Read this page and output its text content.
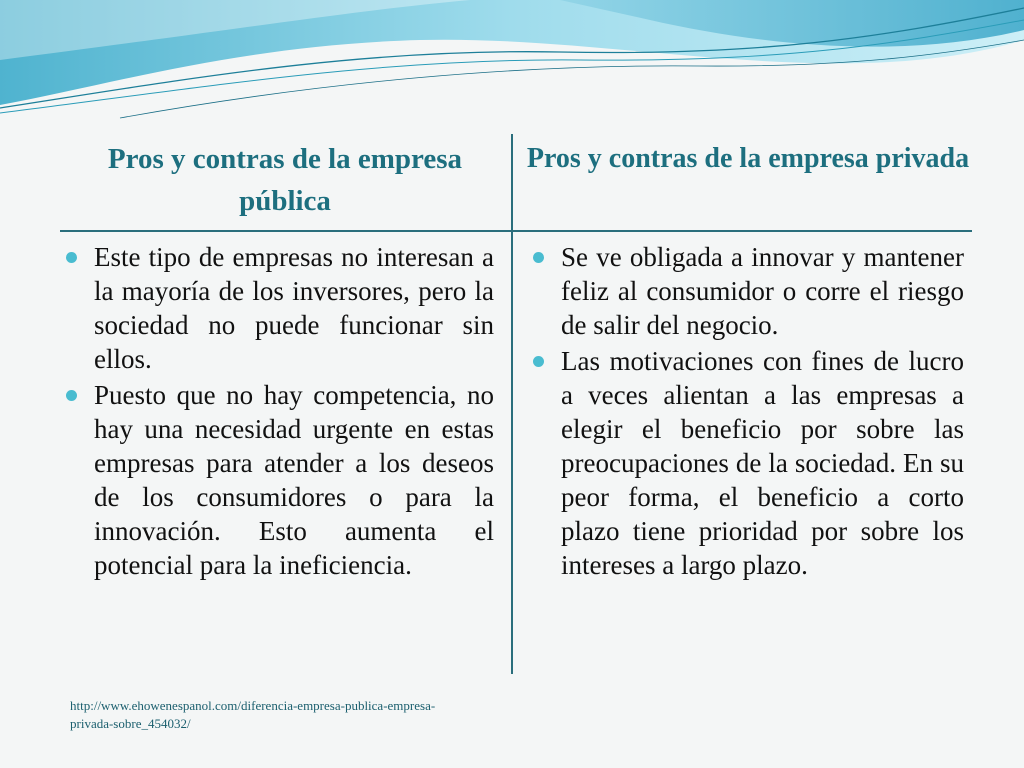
Pros y contras de la empresa pública
Pros y contras de la empresa privada
Este tipo de empresas no interesan a la mayoría de los inversores, pero la sociedad no puede funcionar sin ellos.
Puesto que no hay competencia, no hay una necesidad urgente en estas empresas para atender a los deseos de los consumidores o para la innovación. Esto aumenta el potencial para la ineficiencia.
Se ve obligada a innovar y mantener feliz al consumidor o corre el riesgo de salir del negocio.
Las motivaciones con fines de lucro a veces alientan a las empresas a elegir el beneficio por sobre las preocupaciones de la sociedad. En su peor forma, el beneficio a corto plazo tiene prioridad por sobre los intereses a largo plazo.
http://www.ehowenespanol.com/diferencia-empresa-publica-empresa-privada-sobre_454032/
